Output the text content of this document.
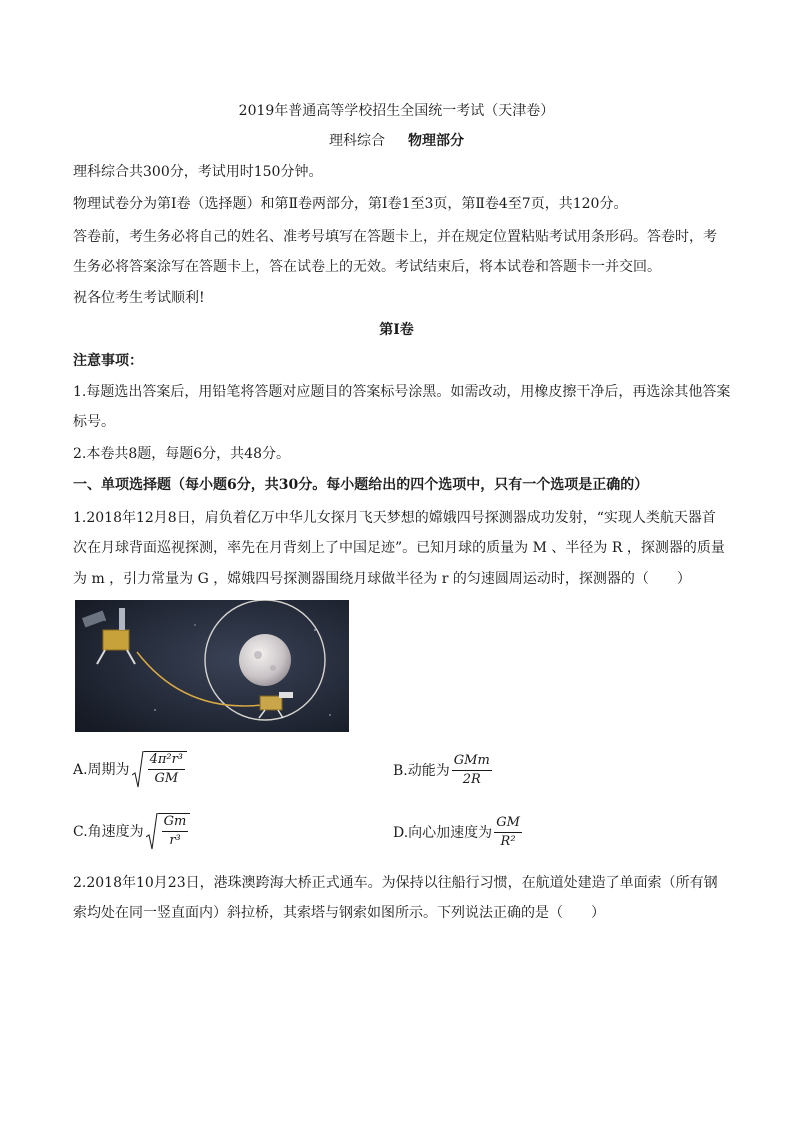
2019年普通高等学校招生全国统一考试（天津卷）
理科综合 物理部分
理科综合共300分，考试用时150分钟。
物理试卷分为第Ⅰ卷（选择题）和第Ⅱ卷两部分，第Ⅰ卷1至3页，第Ⅱ卷4至7页，共120分。
答卷前，考生务必将自己的姓名、准考号填写在答题卡上，并在规定位置粘贴考试用条形码。答卷时，考
生务必将答案涂写在答题卡上，答在试卷上的无效。考试结束后，将本试卷和答题卡一并交回。
祝各位考生考试顺利!
第Ⅰ卷
注意事项：
1.每题选出答案后，用铅笔将答题对应题目的答案标号涂黑。如需改动，用橡皮擦干净后，再选涂其他答案
标号。
2.本卷共8题，每题6分，共48分。
一、单项选择题（每小题6分，共30分。每小题给出的四个选项中，只有一个选项是正确的）
1.2018年12月8日，肩负着亿万中华儿女探月飞天梦想的嫦娥四号探测器成功发射，“实现人类航天器首
次在月球背面巡视探测，率先在月背刻上了中国足迹”。已知月球的质量为 M 、半径为 R ，探测器的质量
为 m ，引力常量为 G ，嫦娥四号探测器围绕月球做半径为 r 的匀速圆周运动时，探测器的（　　）
A.周期为 $\frac{\text{4π²r³}}{GM}$	B.动能为 $\frac{\text{GMm}}{2R}$
C.角速度为 $\frac{Gm}{\text{r³}}$	D.向心加速度为 $\frac{GM}{\text{R²}}$
2.2018年10月23日，港珠澳跨海大桥正式通车。为保持以往船行习惯，在航道处建造了单面索（所有钢
索均处在同一竖直面内）斜拉桥，其索塔与钢索如图所示。下列说法正确的是（　　）
